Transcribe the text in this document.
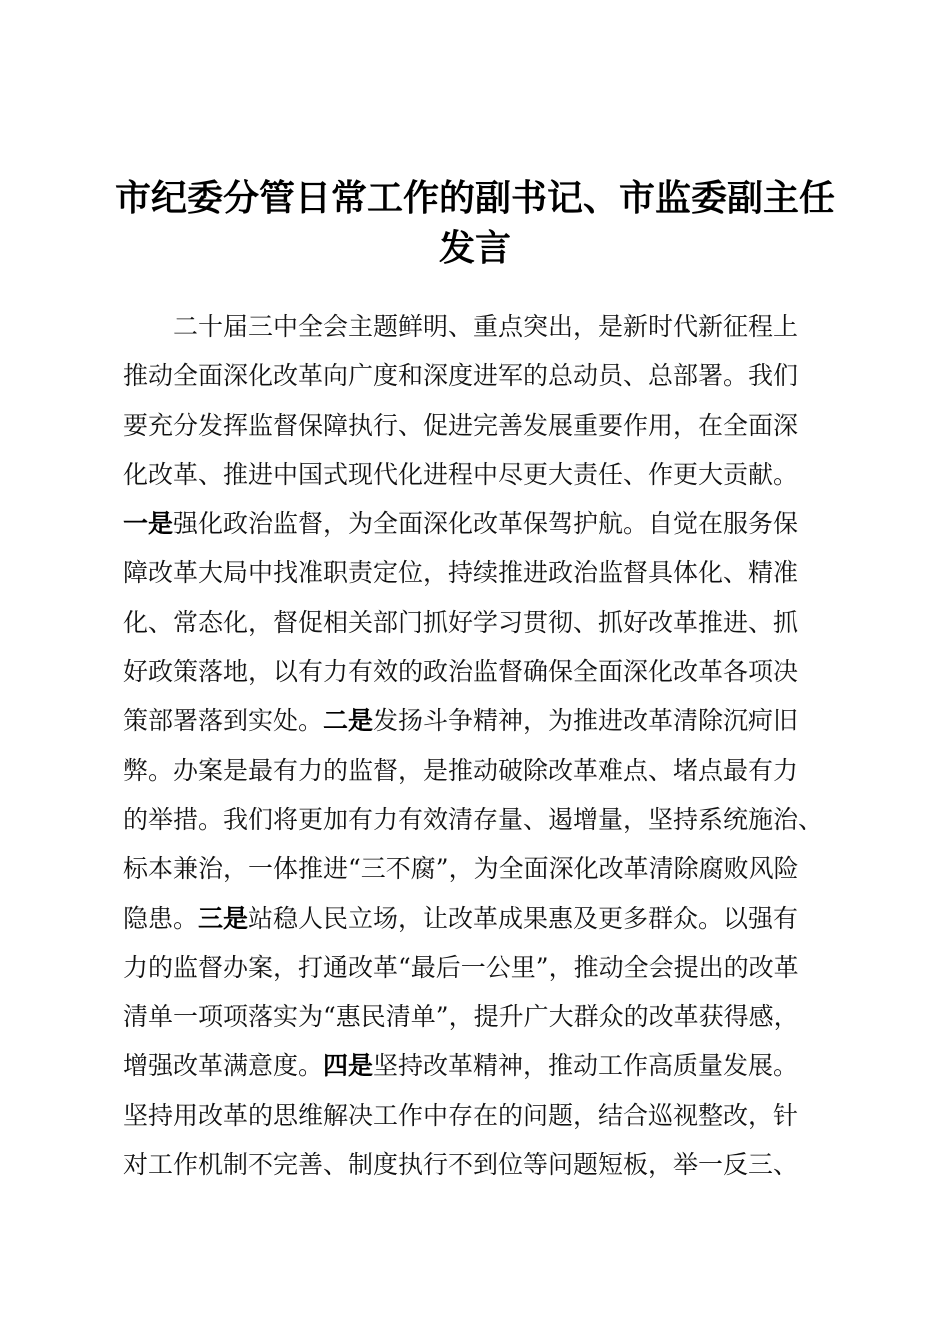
市纪委分管日常工作的副书记、市监委副主任
发言
二十届三中全会主题鲜明、重点突出，是新时代新征程上
推动全面深化改革向广度和深度进军的总动员、总部署。我们
要充分发挥监督保障执行、促进完善发展重要作用，在全面深
化改革、推进中国式现代化进程中尽更大责任、作更大贡献。
一是强化政治监督，为全面深化改革保驾护航。自觉在服务保
障改革大局中找准职责定位，持续推进政治监督具体化、精准
化、常态化，督促相关部门抓好学习贯彻、抓好改革推进、抓
好政策落地，以有力有效的政治监督确保全面深化改革各项决
策部署落到实处。二是发扬斗争精神，为推进改革清除沉疴旧
弊。办案是最有力的监督，是推动破除改革难点、堵点最有力
的举措。我们将更加有力有效清存量、遏增量，坚持系统施治、
标本兼治，一体推进“三不腐”，为全面深化改革清除腐败风险
隐患。三是站稳人民立场，让改革成果惠及更多群众。以强有
力的监督办案，打通改革“最后一公里”，推动全会提出的改革
清单一项项落实为“惠民清单”，提升广大群众的改革获得感，
增强改革满意度。四是坚持改革精神，推动工作高质量发展。
坚持用改革的思维解决工作中存在的问题，结合巡视整改，针
对工作机制不完善、制度执行不到位等问题短板，举一反三、
